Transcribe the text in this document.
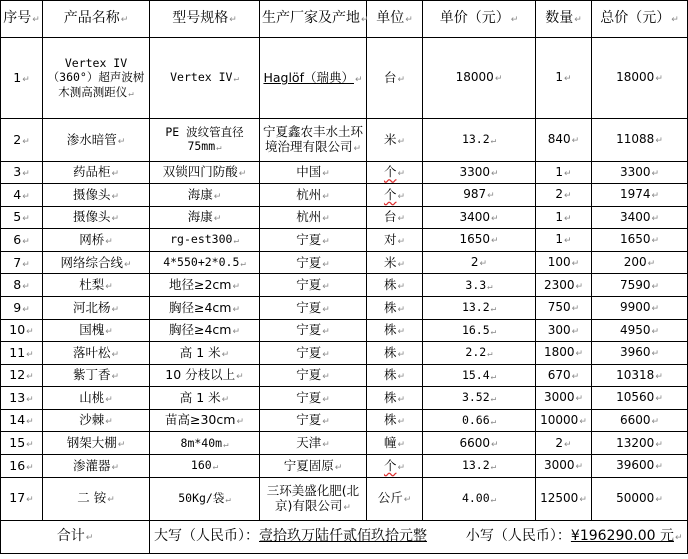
序号↵	产品名称↵	型号规格↵	生产厂家及产地↵	单位↵	单价（元）↵	数量↵	总价（元）↵
1↵	Vertex IV（360°）超声波树木测高测距仪↵	Vertex IV↵	Haglöf（瑞典）↵	台↵	18000↵	1↵	18000↵
2↵	渗水暗管↵	PE 波纹管直径 75mm↵	宁夏鑫农丰水土环境治理有限公司↵	米↵	13.2↵	840↵	11088↵
3↵	药品柜↵	双锁四门防酸↵	中国↵	个↵	3300↵	1↵	3300↵
4↵	摄像头↵	海康↵	杭州↵	个↵	987↵	2↵	1974↵
5↵	摄像头↵	海康↵	杭州↵	台↵	3400↵	1↵	3400↵
6↵	网桥↵	rg-est300↵	宁夏↵	对↵	1650↵	1↵	1650↵
7↵	网络综合线↵	4*550+2*0.5↵	宁夏↵	米↵	2↵	100↵	200↵
8↵	杜梨↵	地径≥2cm↵	宁夏↵	株↵	3.3↵	2300↵	7590↵
9↵	河北杨↵	胸径≥4cm↵	宁夏↵	株↵	13.2↵	750↵	9900↵
10↵	国槐↵	胸径≥4cm↵	宁夏↵	株↵	16.5↵	300↵	4950↵
11↵	落叶松↵	高 1 米↵	宁夏↵	株↵	2.2↵	1800↵	3960↵
12↵	紫丁香↵	10 分枝以上↵	宁夏↵	株↵	15.4↵	670↵	10318↵
13↵	山桃↵	高 1 米↵	宁夏↵	株↵	3.52↵	3000↵	10560↵
14↵	沙棘↵	苗高≥30cm↵	宁夏↵	株↵	0.66↵	10000↵	6600↵
15↵	钢架大棚↵	8m*40m↵	天津↵	幢↵	6600↵	2↵	13200↵
16↵	渗灌器↵	160↵	宁夏固原↵	个↵	13.2↵	3000↵	39600↵
17↵	二 铵↵	50Kg/袋↵	三环美盛化肥(北京)有限公司↵	公斤↵	4.00↵	12500↵	50000↵
合计↵		大写（人民币）：壹拾玖万陆仟贰佰玖拾元整 小写（人民币）：¥196290.00 元↵					
